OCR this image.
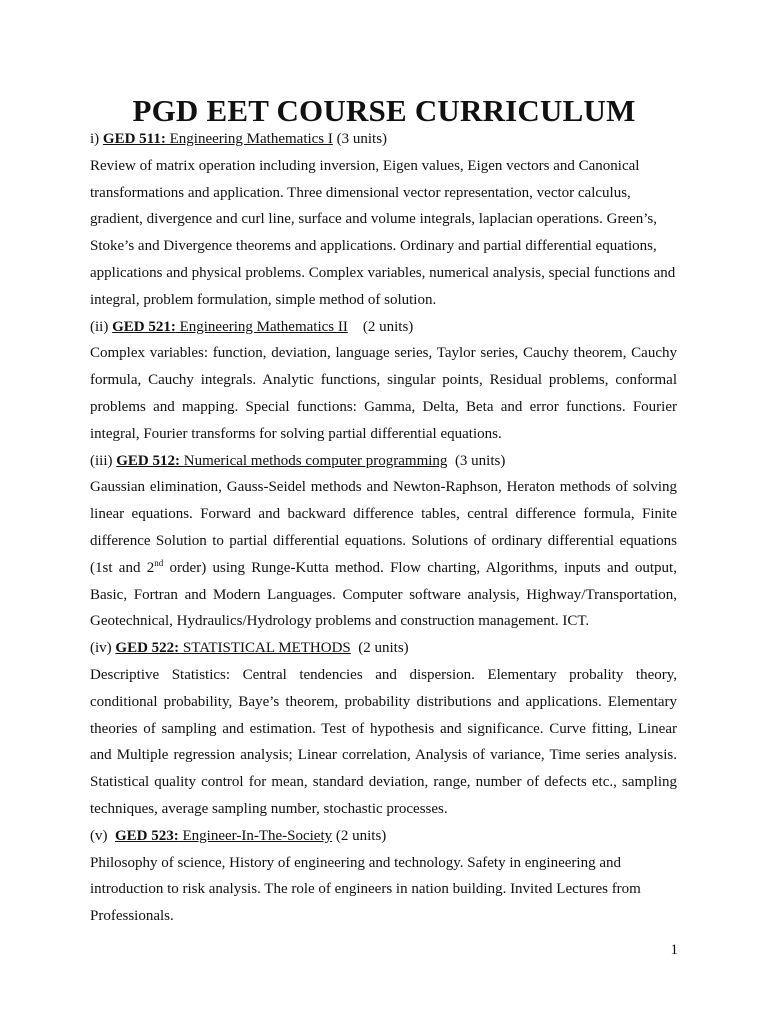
PGD EET COURSE CURRICULUM
i) GED 511: Engineering Mathematics I (3 units)

Review of matrix operation including inversion, Eigen values, Eigen vectors and Canonical transformations and application. Three dimensional vector representation, vector calculus, gradient, divergence and curl line, surface and volume integrals, laplacian operations. Green’s, Stoke’s and Divergence theorems and applications. Ordinary and partial differential equations, applications and physical problems. Complex variables, numerical analysis, special functions and integral, problem formulation, simple method of solution.

(ii) GED 521: Engineering Mathematics II    (2 units)

Complex variables: function, deviation, language series, Taylor series, Cauchy theorem, Cauchy formula, Cauchy integrals. Analytic functions, singular points, Residual problems, conformal problems and mapping. Special functions: Gamma, Delta, Beta and error functions. Fourier integral, Fourier transforms for solving partial differential equations.

(iii) GED 512: Numerical methods computer programming  (3 units)

Gaussian elimination, Gauss-Seidel methods and Newton-Raphson, Heraton methods of solving linear equations. Forward and backward difference tables, central difference formula, Finite difference Solution to partial differential equations. Solutions of ordinary differential equations (1st and 2nd order) using Runge-Kutta method. Flow charting, Algorithms, inputs and output, Basic, Fortran and Modern Languages. Computer software analysis, Highway/Transportation, Geotechnical, Hydraulics/Hydrology problems and construction management. ICT.

(iv) GED 522: STATISTICAL METHODS  (2 units)

Descriptive Statistics: Central tendencies and dispersion. Elementary probality theory, conditional probability, Baye’s theorem, probability distributions and applications. Elementary theories of sampling and estimation. Test of hypothesis and significance. Curve fitting, Linear and Multiple regression analysis; Linear correlation, Analysis of variance, Time series analysis. Statistical quality control for mean, standard deviation, range, number of defects etc., sampling techniques, average sampling number, stochastic processes.

(v)  GED 523: Engineer-In-The-Society (2 units)

Philosophy of science, History of engineering and technology. Safety in engineering and introduction to risk analysis. The role of engineers in nation building. Invited Lectures from Professionals.

1
